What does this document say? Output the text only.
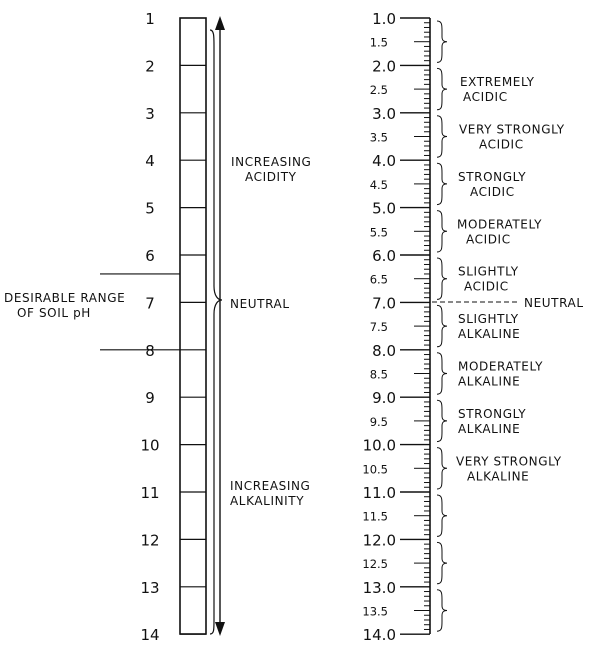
1
2
3
4
5
6
7
8
9
10
11
12
13
14
INCREASING
ACIDITY
NEUTRAL
INCREASING
ALKALINITY
DESIRABLE RANGE
OF SOIL pH
1.0
2.0
3.0
4.0
5.0
6.0
7.0
8.0
9.0
10.0
11.0
12.0
13.0
14.0
1.5
2.5
3.5
4.5
5.5
6.5
7.5
8.5
9.5
10.5
11.5
12.5
13.5
EXTREMELY
ACIDIC
VERY STRONGLY
ACIDIC
STRONGLY
ACIDIC
MODERATELY
ACIDIC
SLIGHTLY
ACIDIC
SLIGHTLY
ALKALINE
MODERATELY
ALKALINE
STRONGLY
ALKALINE
VERY STRONGLY
ALKALINE
NEUTRAL
